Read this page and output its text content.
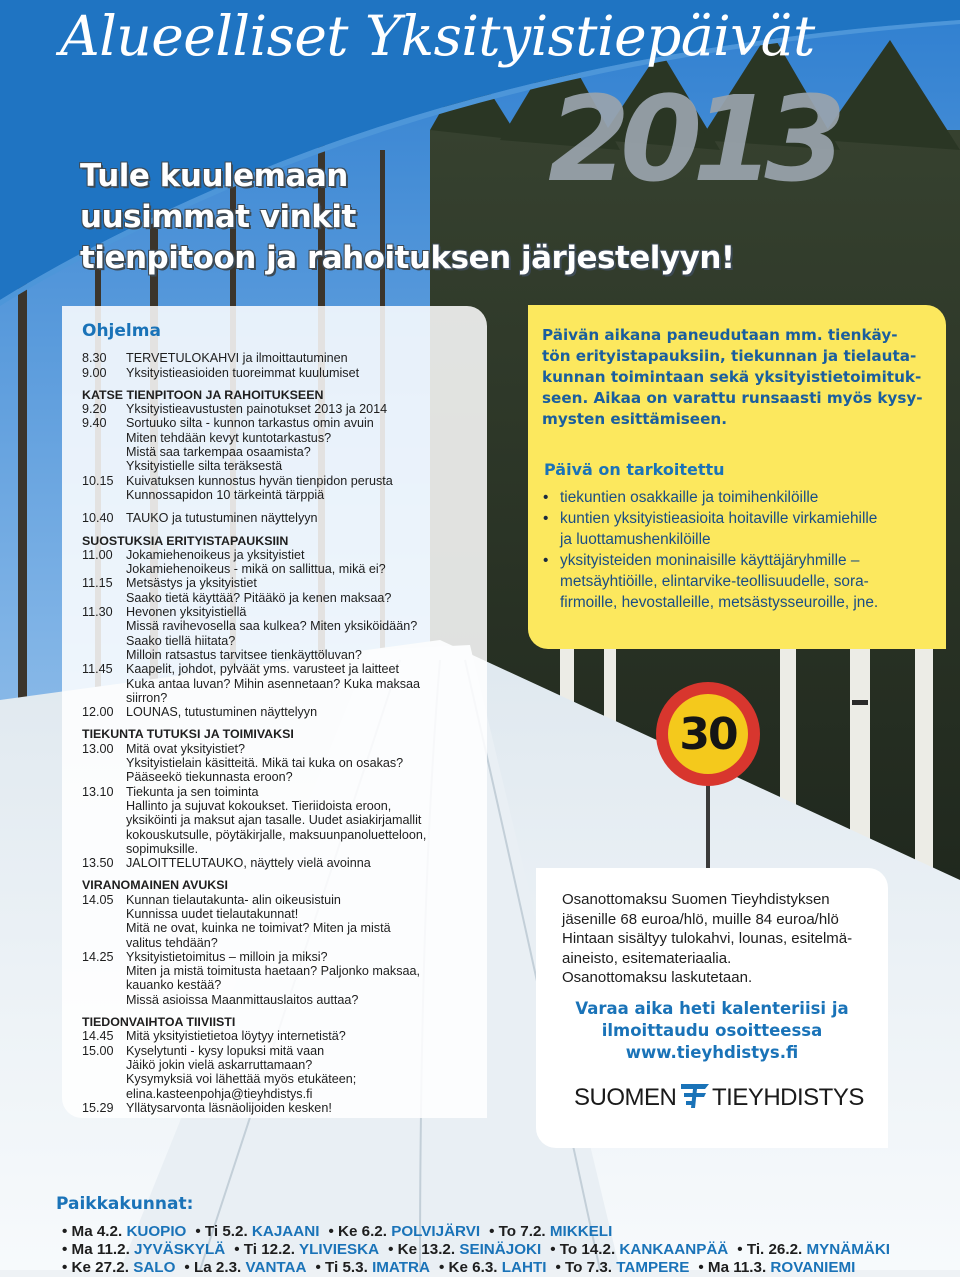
Alueelliset Yksityistiepäivät
2013
Tule kuulemaan
uusimmat vinkit
tienpitoon ja rahoituksen järjestelyyn!
Ohjelma
8.30	TERVETULOKAHVI ja ilmoittautuminen
9.00	Yksityistieasioiden tuoreimmat kuulumiset
KATSE TIENPITOON JA RAHOITUKSEEN
9.20	Yksityistieavustusten painotukset 2013 ja 2014
9.40	Sortuuko silta - kunnon tarkastus omin avuin
Miten tehdään kevyt kuntotarkastus?
Mistä saa tarkempaa osaamista?
Yksityistielle silta teräksestä
10.15 Kuivatuksen kunnostus hyvän tienpidon perusta
Kunnossapidon 10 tärkeintä tärppiä
10.40 TAUKO ja tutustuminen näyttelyyn
SUOSTUKSIA ERITYISTAPAUKSIIN
11.00	Jokamiehenoikeus ja yksityistiet
Jokamiehenoikeus - mikä on sallittua, mikä ei?
11.15	Metsästys ja yksityistiet
Saako tietä käyttää? Pitääkö ja kenen maksaa?
11.30	Hevonen yksityistiellä
Missä ravihevosella saa kulkea? Miten yksiköidään?
Saako tiellä hiitata?
Milloin ratsastus tarvitsee tienkäyttöluvan?
11.45	Kaapelit, johdot, pylväät yms. varusteet ja laitteet
Kuka antaa luvan? Mihin asennetaan? Kuka maksaa
siirron?
12.00 LOUNAS, tutustuminen näyttelyyn
TIEKUNTA TUTUKSI JA TOIMIVAKSI
13.00 Mitä ovat yksityistiet?
Yksityistielain käsitteitä. Mikä tai kuka on osakas?
Pääseekö tiekunnasta eroon?
13.10 Tiekunta ja sen toiminta
Hallinto ja sujuvat kokoukset. Tieriidoista eroon,
yksiköinti ja maksut ajan tasalle. Uudet asiakirjamallit
kokouskutsulle, pöytäkirjalle, maksuunpanoluetteloon,
sopimuksille.
13.50 JALOITTELUTAUKO, näyttely vielä avoinna
VIRANOMAINEN AVUKSI
14.05 Kunnan tielautakunta- alin oikeusistuin
Kunnissa uudet tielautakunnat!
Mitä ne ovat, kuinka ne toimivat? Miten ja mistä
valitus tehdään?
14.25 Yksityistietoimitus – milloin ja miksi?
Miten ja mistä toimitusta haetaan? Paljonko maksaa,
kauanko kestää?
Missä asioissa Maanmittauslaitos auttaa?
TIEDONVAIHTOA TIIVIISTI
14.45 Mitä yksityistietietoa löytyy internetistä?
15.00 Kyselytunti - kysy lopuksi mitä vaan
Jäikö jokin vielä askarruttamaan?
Kysymyksiä voi lähettää myös etukäteen;
elina.kasteenpohja@tieyhdistys.fi
15.29 Yllätysarvonta läsnäolijoiden kesken!
Päivän aikana paneudutaan mm. tienkäy-
tön erityistapauksiin, tiekunnan ja tielauta-
kunnan toimintaan sekä yksityistietoimituk-
seen. Aikaa on varattu runsaasti myös kysy-
mysten esittämiseen.
Päivä on tarkoitettu
• tiekuntien osakkaille ja toimihenkilöille
• kuntien yksityistieasioita hoitaville virkamiehille
ja luottamushenkilöille
• yksityisteiden moninaisille käyttäjäryhmille –
metsäyhtiöille, elintarvike-teollisuudelle, sora-
firmoille, hevostalleille, metsästysseuroille, jne.
30
Osanottomaksu Suomen Tieyhdistyksen
jäsenille 68 euroa/hlö, muille 84 euroa/hlö
Hintaan sisältyy tulokahvi, lounas, esitelmä-
aineisto, esitemateriaalia.
Osanottomaksu laskutetaan.
Varaa aika heti kalenteriisi ja
ilmoittaudu osoitteessa
www.tieyhdistys.fi
SUOMEN TIEYHDISTYS
Paikkakunnat:
• Ma 4.2. KUOPIO • Ti 5.2. KAJAANI • Ke 6.2. POLVIJÄRVI • To 7.2. MIKKELI
• Ma 11.2. JYVÄSKYLÄ • Ti 12.2. YLIVIESKA • Ke 13.2. SEINÄJOKI • To 14.2. KANKAANPÄÄ • Ti. 26.2. MYNÄMÄKI
• Ke 27.2. SALO • La 2.3. VANTAA • Ti 5.3. IMATRA • Ke 6.3. LAHTI • To 7.3. TAMPERE • Ma 11.3. ROVANIEMI
